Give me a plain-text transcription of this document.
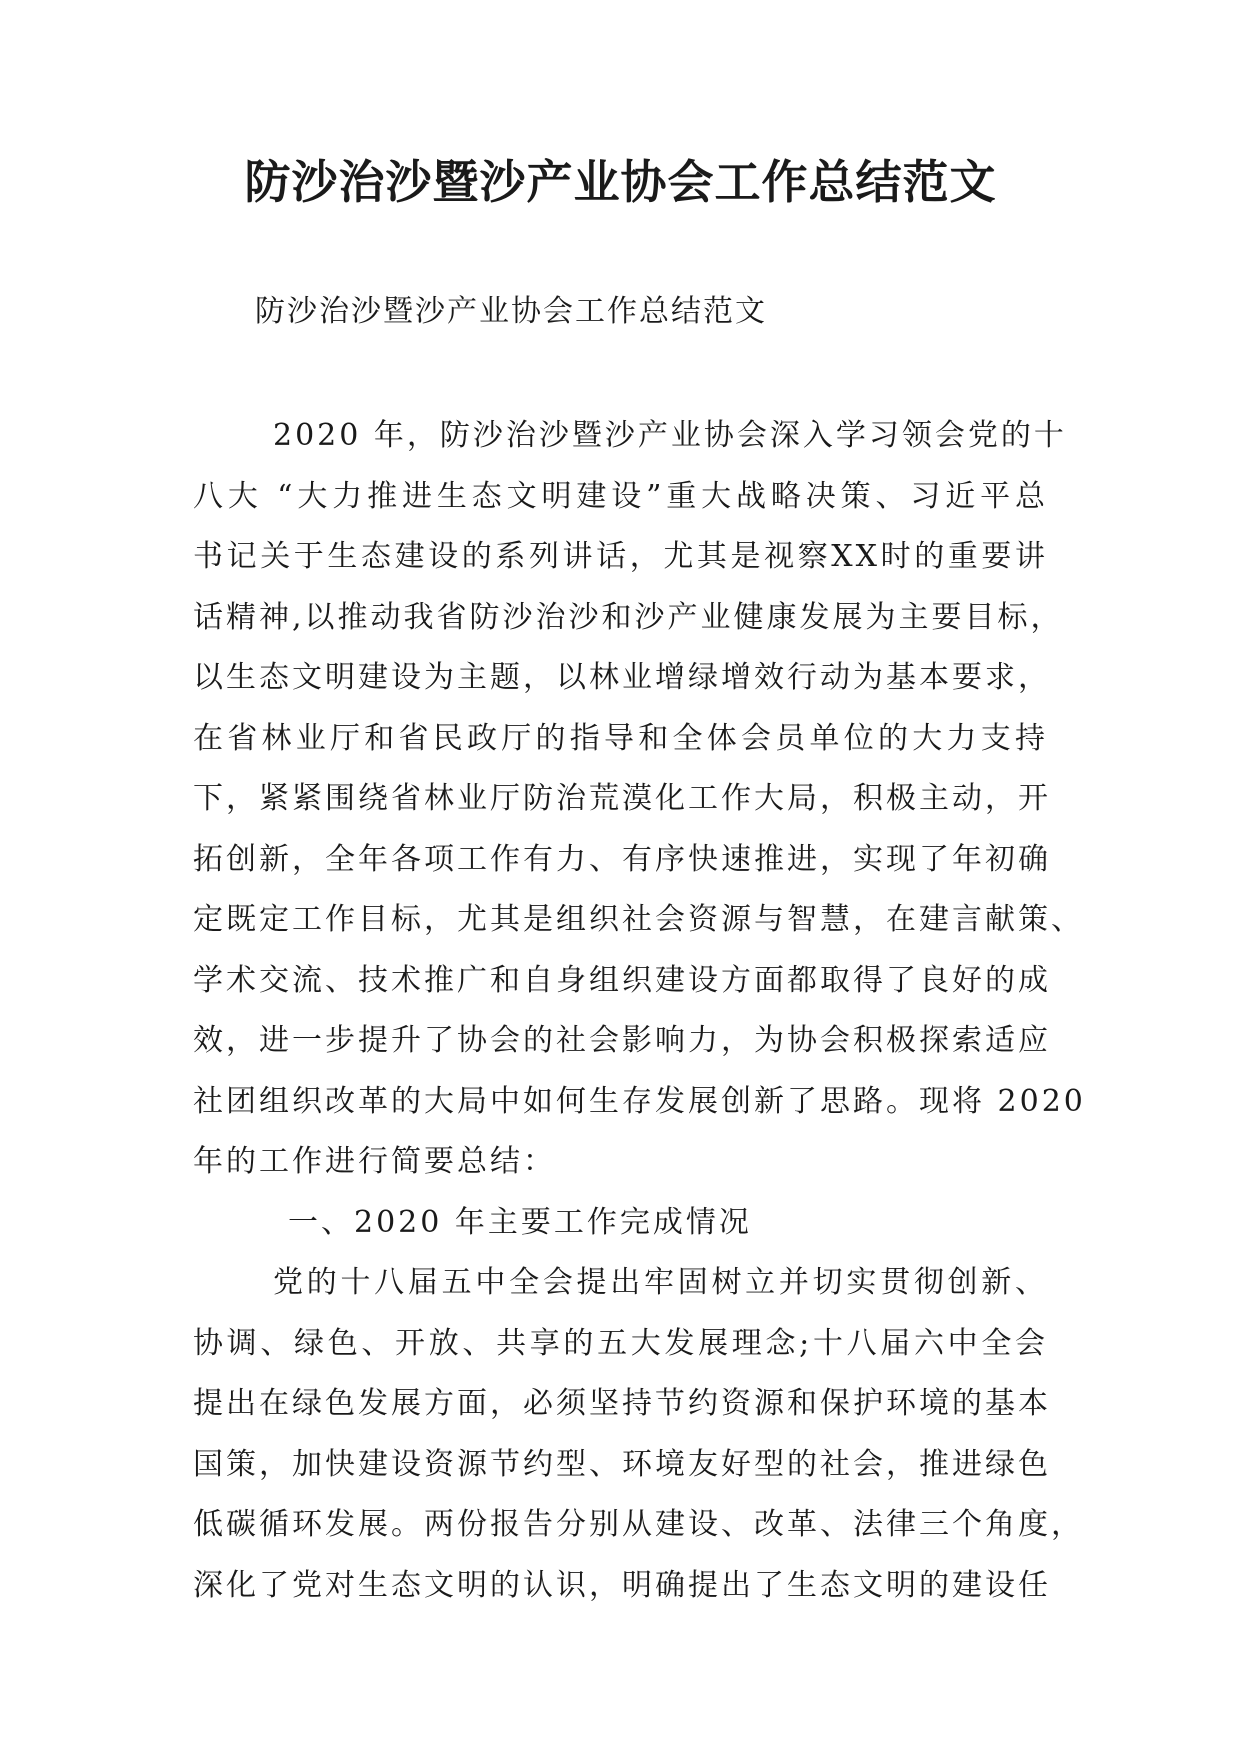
防沙治沙暨沙产业协会工作总结范文

防沙治沙暨沙产业协会工作总结范文

2020 年，防沙治沙暨沙产业协会深入学习领会党的十
八大 “大力推进生态文明建设”重大战略决策、习近平总
书记关于生态建设的系列讲话，尤其是视察XX时的重要讲
话精神,以推动我省防沙治沙和沙产业健康发展为主要目标，
以生态文明建设为主题，以林业增绿增效行动为基本要求，
在省林业厅和省民政厅的指导和全体会员单位的大力支持
下，紧紧围绕省林业厅防治荒漠化工作大局，积极主动，开
拓创新，全年各项工作有力、有序快速推进，实现了年初确
定既定工作目标，尤其是组织社会资源与智慧，在建言献策、
学术交流、技术推广和自身组织建设方面都取得了良好的成
效，进一步提升了协会的社会影响力，为协会积极探索适应
社团组织改革的大局中如何生存发展创新了思路。现将 2020
年的工作进行简要总结：
一、2020 年主要工作完成情况
党的十八届五中全会提出牢固树立并切实贯彻创新、
协调、绿色、开放、共享的五大发展理念;十八届六中全会
提出在绿色发展方面，必须坚持节约资源和保护环境的基本
国策，加快建设资源节约型、环境友好型的社会，推进绿色
低碳循环发展。两份报告分别从建设、改革、法律三个角度，
深化了党对生态文明的认识，明确提出了生态文明的建设任
